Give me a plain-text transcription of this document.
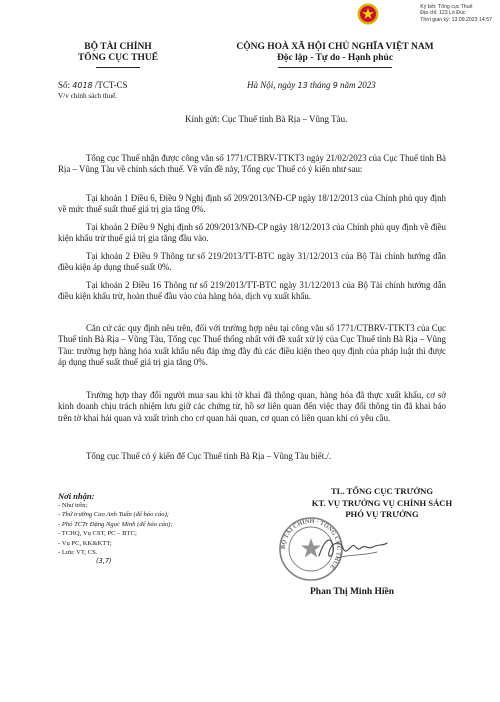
Ký bởi: Tổng cục Thuế
Địa chỉ: 123 Lò Đúc
Thời gian ký: 13.09.2023 14:57
BỘ TÀI CHÍNH
TỔNG CỤC THUẾ
CỘNG HOÀ XÃ HỘI CHỦ NGHĨA VIỆT NAM
Độc lập - Tự do - Hạnh phúc
Số: 4018 /TCT-CS
V/v chính sách thuế.
Hà Nội, ngày 13 tháng 9 năm 2023
Kính gửi: Cục Thuế tỉnh Bà Rịa – Vũng Tàu.

Tổng cục Thuế nhận được công văn số 1771/CTBRV-TTKT3 ngày 21/02/2023 của Cục Thuế tỉnh Bà Rịa – Vũng Tàu về chính sách thuế. Về vấn đề này, Tổng cục Thuế có ý kiến như sau:

Tại khoản 1 Điều 6, Điều 9 Nghị định số 209/2013/NĐ-CP ngày 18/12/2013 của Chính phủ quy định về mức thuế suất thuế giá trị gia tăng 0%.

Tại khoản 2 Điều 9 Nghị định số 209/2013/NĐ-CP ngày 18/12/2013 của Chính phủ quy định về điều kiện khấu trừ thuế giá trị gia tăng đầu vào.

Tại khoản 2 Điều 9 Thông tư số 219/2013/TT-BTC ngày 31/12/2013 của Bộ Tài chính hướng dẫn điều kiện áp dụng thuế suất 0%.

Tại khoản 2 Điều 16 Thông tư số 219/2013/TT-BTC ngày 31/12/2013 của Bộ Tài chính hướng dẫn điều kiện khấu trừ, hoàn thuế đầu vào của hàng hóa, dịch vụ xuất khẩu.

Căn cứ các quy định nêu trên, đối với trường hợp nêu tại công văn số 1771/CTBRV-TTKT3 của Cục Thuế tỉnh Bà Rịa – Vũng Tàu, Tổng cục Thuế thống nhất với đề xuất xử lý của Cục Thuế tỉnh Bà Rịa – Vũng Tàu: trường hợp hàng hóa xuất khẩu nếu đáp ứng đầy đủ các điều kiện theo quy định của pháp luật thì được áp dụng thuế suất thuế giá trị gia tăng 0%.

Trường hợp thay đổi người mua sau khi tờ khai đã thông quan, hàng hóa đã thực xuất khẩu, cơ sở kinh doanh chịu trách nhiệm lưu giữ các chứng từ, hồ sơ liên quan đến việc thay đổi thông tin đã khai báo trên tờ khai hải quan và xuất trình cho cơ quan hải quan, cơ quan có liên quan khi có yêu cầu.

Tổng cục Thuế có ý kiến để Cục Thuế tỉnh Bà Rịa – Vũng Tàu biết./.

Nơi nhận:
- Như trên;
- Thứ trưởng Cao Anh Tuấn (để báo cáo);
- Phó TCTr Đặng Ngọc Minh (để báo cáo);
- TCHQ, Vụ CST, PC – BTC;
- Vụ PC, KK&KTT;
- Lưu: VT, CS.
(3,7)
TL. TỔNG CỤC TRƯỞNG
KT. VỤ TRƯỞNG VỤ CHÍNH SÁCH
PHÓ VỤ TRƯỞNG
BỘ TÀI CHÍNH · TỔNG CỤC THUẾ
Phan Thị Minh Hiền
